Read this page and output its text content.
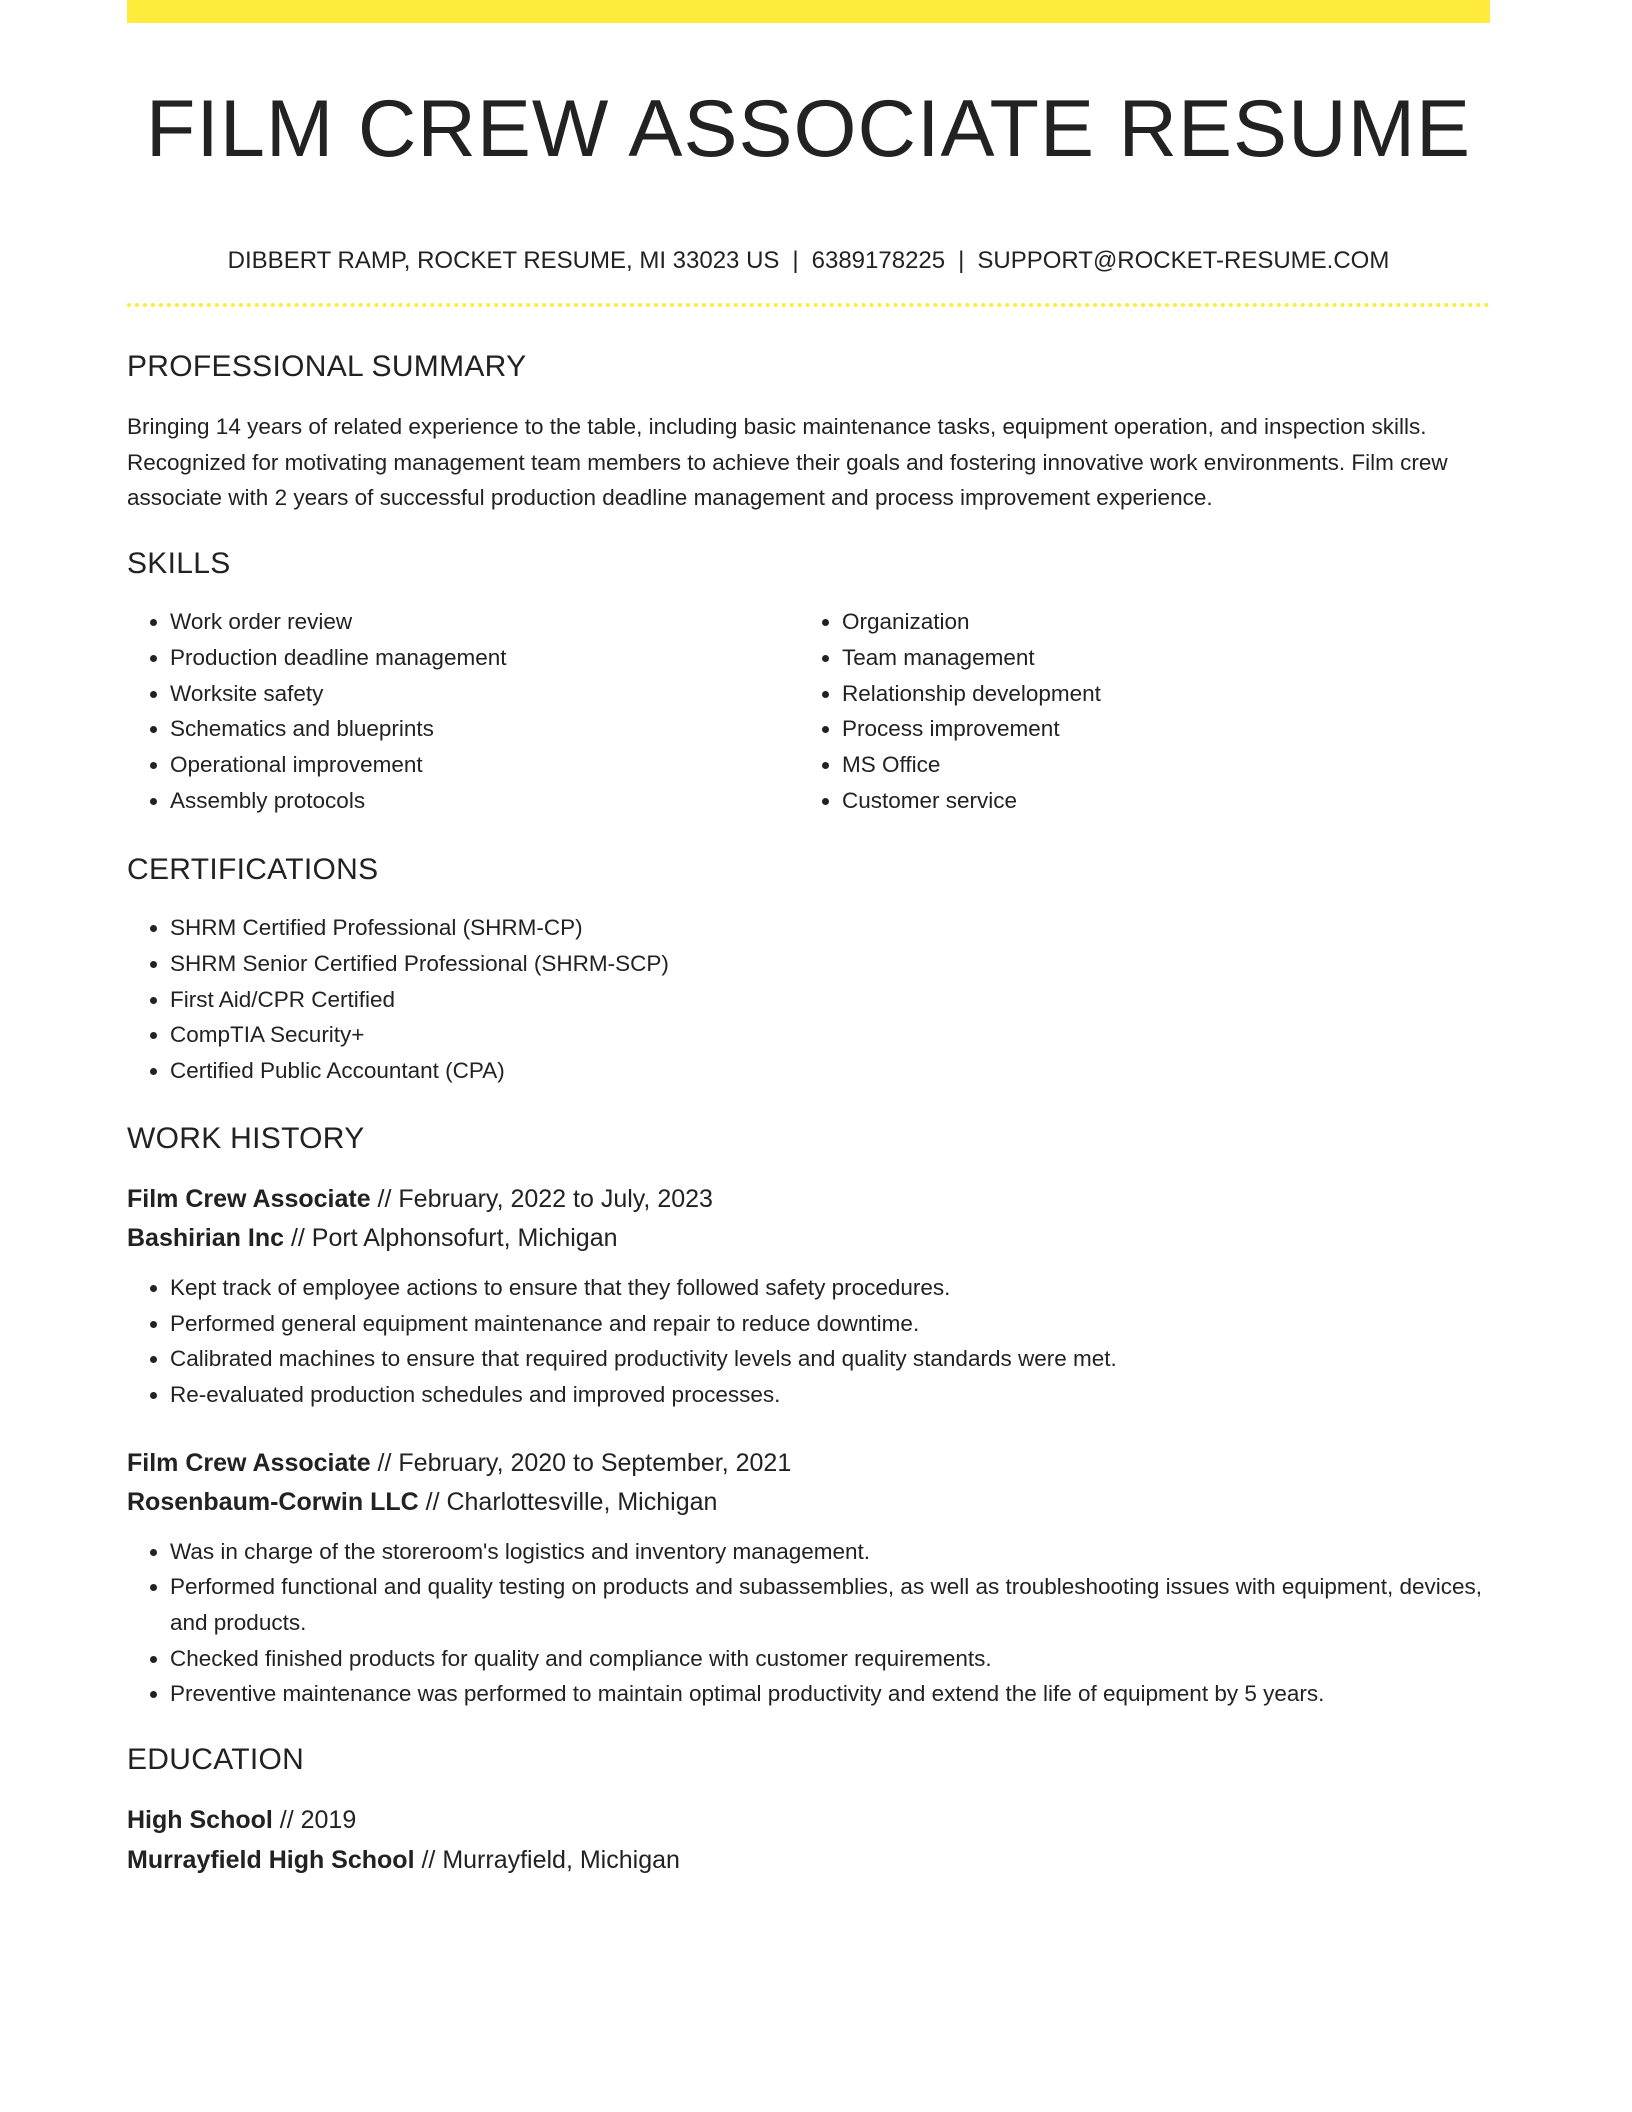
FILM CREW ASSOCIATE RESUME
DIBBERT RAMP, ROCKET RESUME, MI 33023 US | 6389178225 | SUPPORT@ROCKET-RESUME.COM
PROFESSIONAL SUMMARY

Bringing 14 years of related experience to the table, including basic maintenance tasks, equipment operation, and inspection skills. Recognized for motivating management team members to achieve their goals and fostering innovative work environments. Film crew associate with 2 years of successful production deadline management and process improvement experience.

SKILLS
• Work order review
• Production deadline management
• Worksite safety
• Schematics and blueprints
• Operational improvement
• Assembly protocols
• Organization
• Team management
• Relationship development
• Process improvement
• MS Office
• Customer service
CERTIFICATIONS
• SHRM Certified Professional (SHRM-CP)
• SHRM Senior Certified Professional (SHRM-SCP)
• First Aid/CPR Certified
• CompTIA Security+
• Certified Public Accountant (CPA)
WORK HISTORY
Film Crew Associate // February, 2022 to July, 2023
Bashirian Inc // Port Alphonsofurt, Michigan
• Kept track of employee actions to ensure that they followed safety procedures.
• Performed general equipment maintenance and repair to reduce downtime.
• Calibrated machines to ensure that required productivity levels and quality standards were met.
• Re-evaluated production schedules and improved processes.
Film Crew Associate // February, 2020 to September, 2021
Rosenbaum-Corwin LLC // Charlottesville, Michigan
• Was in charge of the storeroom's logistics and inventory management.
• Performed functional and quality testing on products and subassemblies, as well as troubleshooting issues with equipment, devices, and products.
• Checked finished products for quality and compliance with customer requirements.
• Preventive maintenance was performed to maintain optimal productivity and extend the life of equipment by 5 years.
EDUCATION
High School // 2019
Murrayfield High School // Murrayfield, Michigan
